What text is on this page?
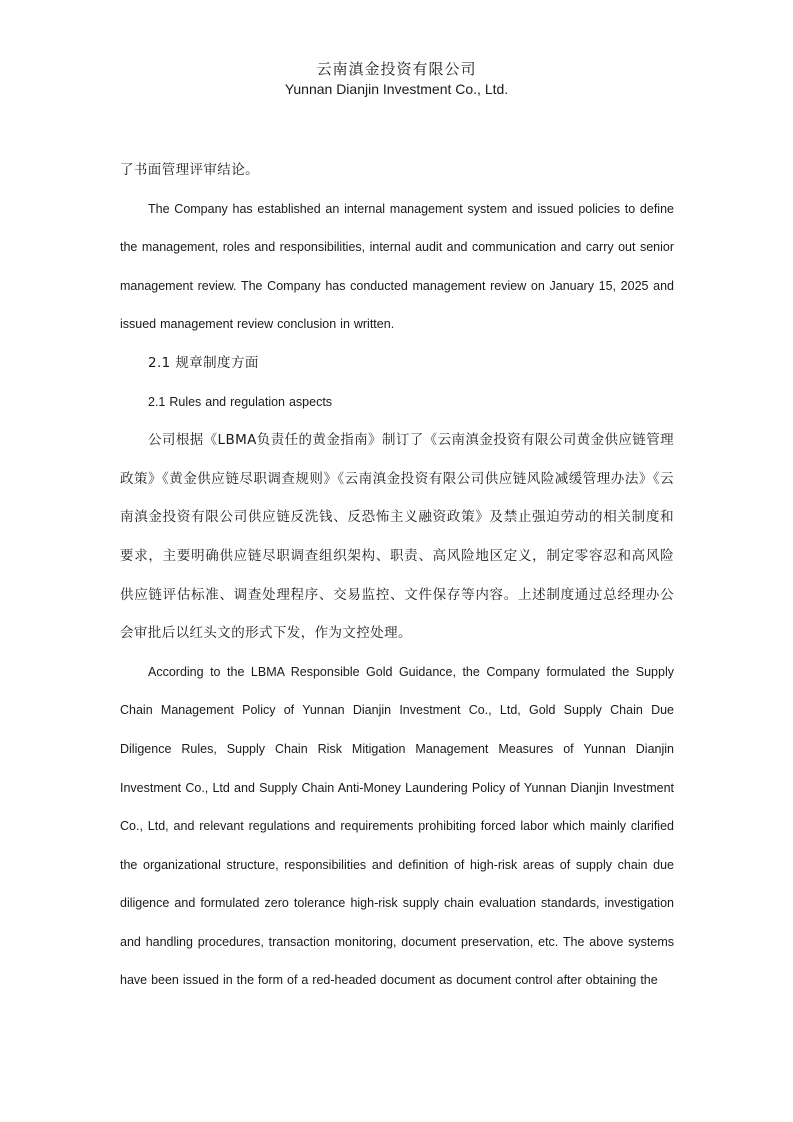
云南滇金投资有限公司
Yunnan Dianjin Investment Co., Ltd.

了书面管理评审结论。

The Company has established an internal management system and issued policies to define the management, roles and responsibilities, internal audit and communication and carry out senior management review. The Company has conducted management review on January 15, 2025 and issued management review conclusion in written.

2.1 规章制度方面

2.1 Rules and regulation aspects

公司根据《LBMA负责任的黄金指南》制订了《云南滇金投资有限公司黄金供应链管理政策》《黄金供应链尽职调查规则》《云南滇金投资有限公司供应链风险减缓管理办法》《云南滇金投资有限公司供应链反洗钱、反恐怖主义融资政策》及禁止强迫劳动的相关制度和要求，主要明确供应链尽职调查组织架构、职责、高风险地区定义，制定零容忍和高风险供应链评估标准、调查处理程序、交易监控、文件保存等内容。上述制度通过总经理办公会审批后以红头文的形式下发，作为文控处理。

According to the LBMA Responsible Gold Guidance, the Company formulated the Supply Chain Management Policy of Yunnan Dianjin Investment Co., Ltd, Gold Supply Chain Due Diligence Rules, Supply Chain Risk Mitigation Management Measures of Yunnan Dianjin Investment Co., Ltd and Supply Chain Anti-Money Laundering Policy of Yunnan Dianjin Investment Co., Ltd, and relevant regulations and requirements prohibiting forced labor which mainly clarified the organizational structure, responsibilities and definition of high-risk areas of supply chain due diligence and formulated zero tolerance high-risk supply chain evaluation standards, investigation and handling procedures, transaction monitoring, document preservation, etc. The above systems have been issued in the form of a red-headed document as document control after obtaining the
